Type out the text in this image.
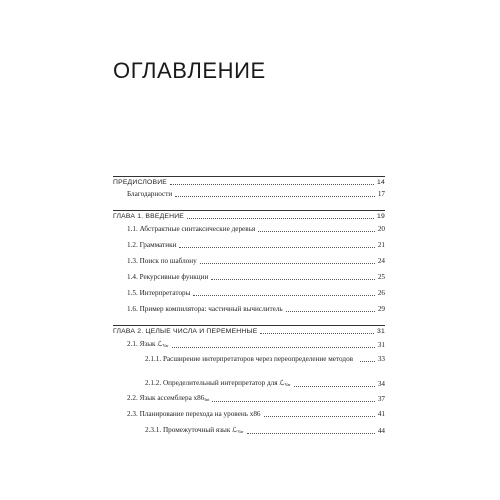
ОГЛАВЛЕНИЕ
ПРЕДИСЛОВИЕ	14
Благодарности	17
ГЛАВА 1. ВВЕДЕНИЕ	19
1.1. Абстрактные синтаксические деревья	20
1.2. Грамматики	21
1.3. Поиск по шаблону	24
1.4. Рекурсивные функции	25
1.5. Интерпретаторы	26
1.6. Пример компилятора: частичный вычислитель	29
ГЛАВА 2. ЦЕЛЫЕ ЧИСЛА И ПЕРЕМЕННЫЕ	31
2.1. Язык ℒ$_{Var}$	31
2.1.1. Расширение интерпретаторов через переопределение методов	33
2.1.2. Определительный интерпретатор для ℒ$_{Var}$	34
2.2. Язык ассемблера $x86_{Int}$	37
2.3. Планирование перехода на уровень x86	41
2.3.1. Промежуточный язык ℒ$_{Var}$	44
